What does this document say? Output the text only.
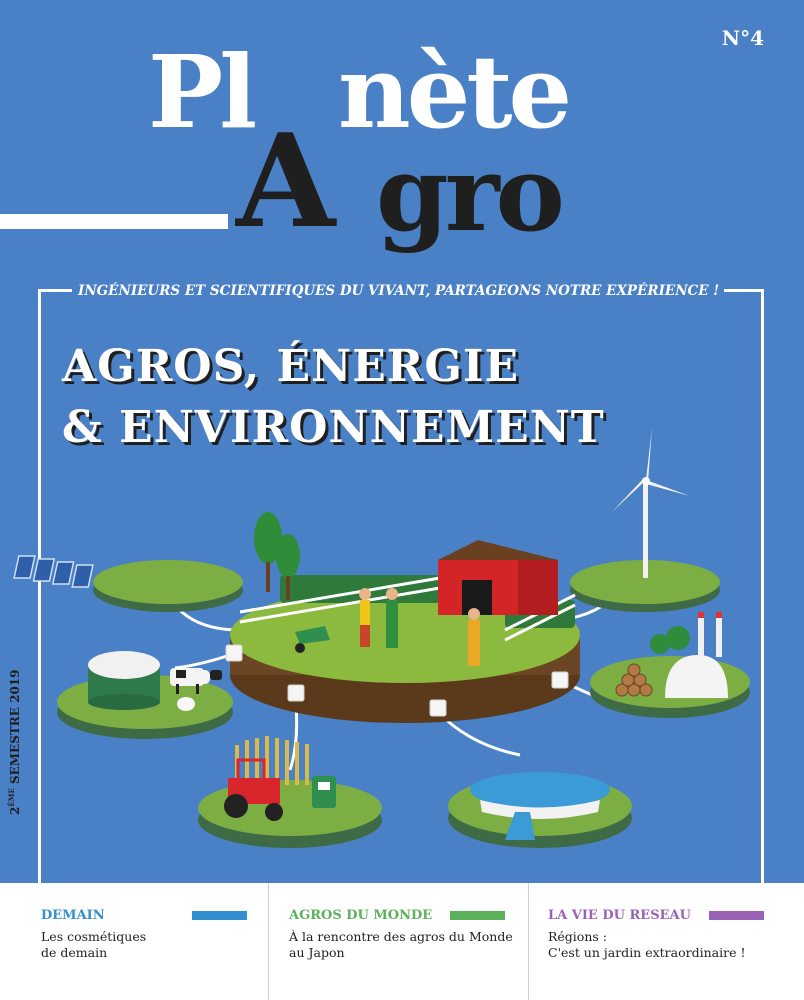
N°4
Pl nète
A gro
INGÉNIEURS ET SCIENTIFIQUES DU VIVANT, PARTAGEONS NOTRE EXPÉRIENCE !
AGROS, ÉNERGIE
& ENVIRONNEMENT
2ÈME SEMESTRE 2019
DEMAIN
Les cosmétiques
de demain
AGROS DU MONDE
À la rencontre des agros du Monde
au Japon
LA VIE DU RESEAU
Régions :
C'est un jardin extraordinaire !
